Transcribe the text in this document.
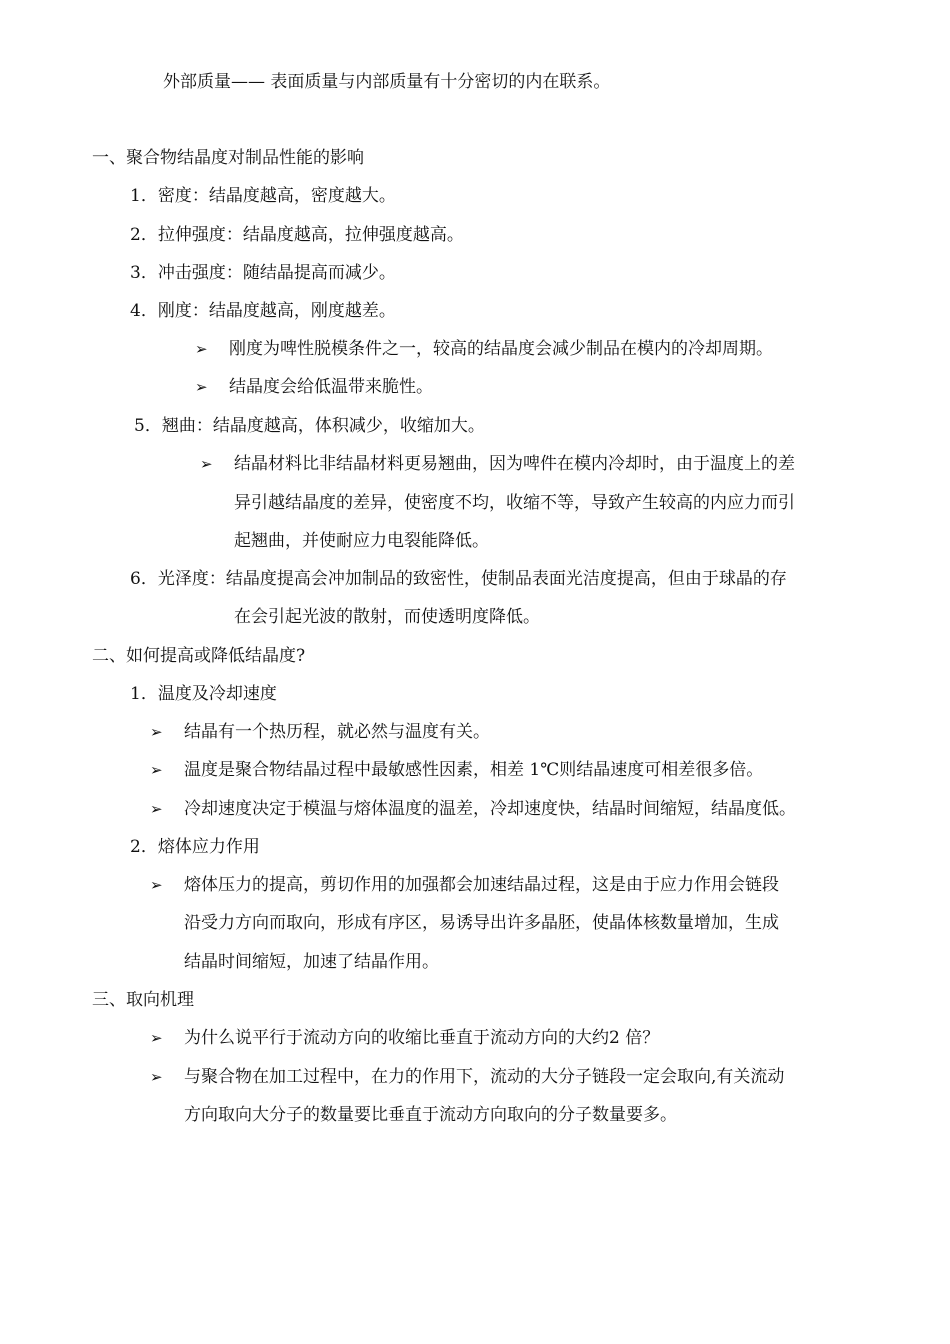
外部质量—— 表面质量与内部质量有十分密切的内在联系。
一、聚合物结晶度对制品性能的影响
1．密度：结晶度越高，密度越大。
2．拉伸强度：结晶度越高，拉伸强度越高。
3．冲击强度：随结晶提高而减少。
4．刚度：结晶度越高，刚度越差。
➢ 刚度为啤性脱模条件之一，较高的结晶度会减少制品在模内的冷却周期。
➢ 结晶度会给低温带来脆性。
5．翘曲：结晶度越高，体积减少，收缩加大。
➢ 结晶材料比非结晶材料更易翘曲，因为啤件在模内冷却时，由于温度上的差
异引越结晶度的差异，使密度不均，收缩不等，导致产生较高的内应力而引
起翘曲，并使耐应力电裂能降低。
6．光泽度：结晶度提高会冲加制品的致密性，使制品表面光洁度提高，但由于球晶的存
在会引起光波的散射，而使透明度降低。
二、如何提高或降低结晶度?
1．温度及冷却速度
➢ 结晶有一个热历程，就必然与温度有关。
➢ 温度是聚合物结晶过程中最敏感性因素，相差 1℃则结晶速度可相差很多倍。
➢ 冷却速度决定于模温与熔体温度的温差，冷却速度快，结晶时间缩短，结晶度低。
2．熔体应力作用
➢ 熔体压力的提高，剪切作用的加强都会加速结晶过程，这是由于应力作用会链段
沿受力方向而取向，形成有序区，易诱导出许多晶胚，使晶体核数量增加，生成
结晶时间缩短，加速了结晶作用。
三、取向机理
➢ 为什么说平行于流动方向的收缩比垂直于流动方向的大约2 倍？
➢ 与聚合物在加工过程中，在力的作用下，流动的大分子链段一定会取向,有关流动
方向取向大分子的数量要比垂直于流动方向取向的分子数量要多。
